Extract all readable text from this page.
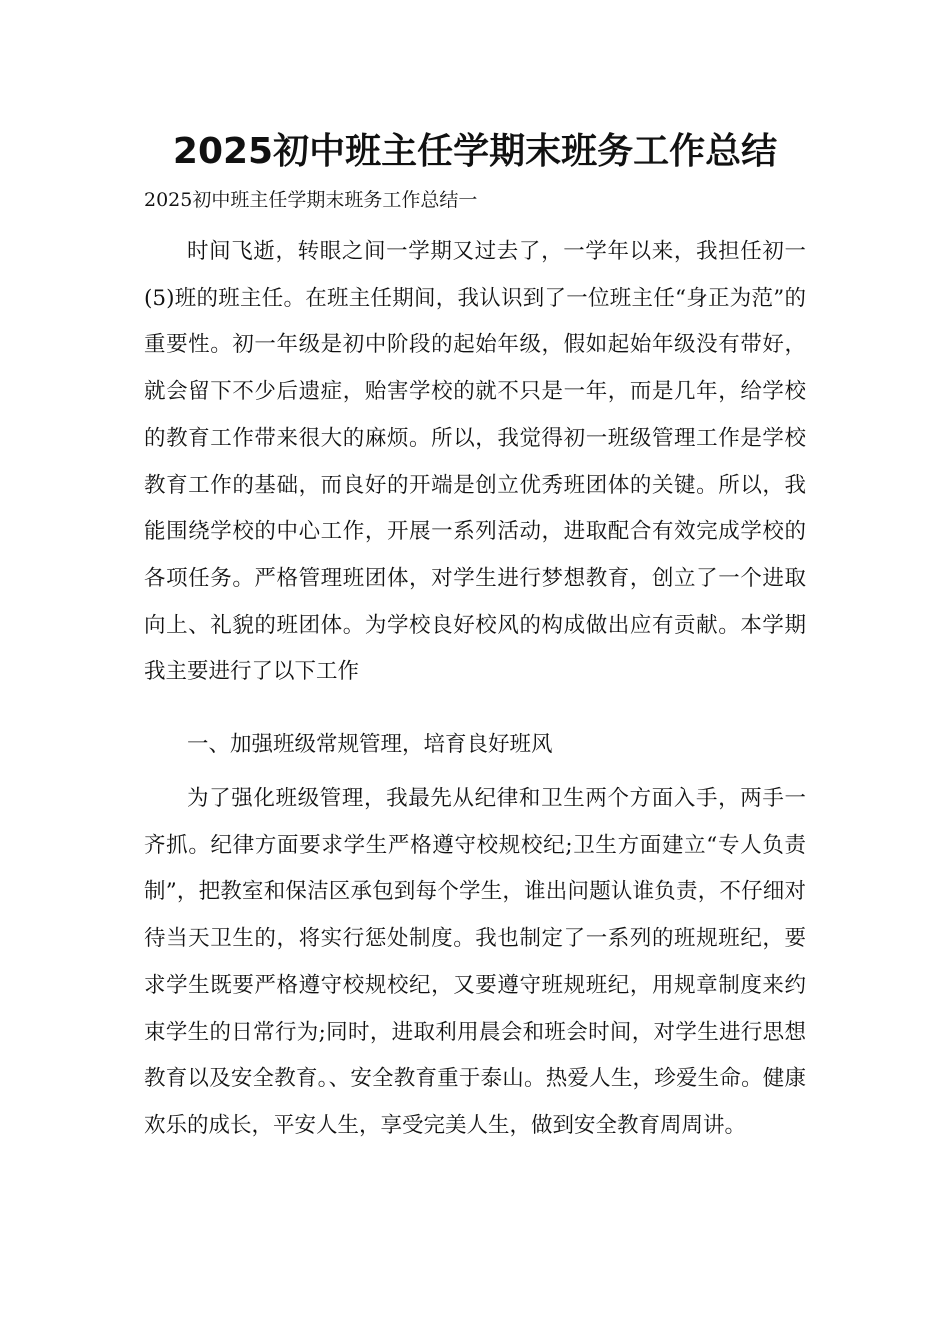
2025初中班主任学期末班务工作总结

2025初中班主任学期末班务工作总结一

时间飞逝，转眼之间一学期又过去了，一学年以来，我担任初一(5)班的班主任。在班主任期间，我认识到了一位班主任“身正为范”的重要性。初一年级是初中阶段的起始年级，假如起始年级没有带好，就会留下不少后遗症，贻害学校的就不只是一年，而是几年，给学校的教育工作带来很大的麻烦。所以，我觉得初一班级管理工作是学校教育工作的基础，而良好的开端是创立优秀班团体的关键。所以，我能围绕学校的中心工作，开展一系列活动，进取配合有效完成学校的各项任务。严格管理班团体，对学生进行梦想教育，创立了一个进取向上、礼貌的班团体。为学校良好校风的构成做出应有贡献。本学期我主要进行了以下工作

一、加强班级常规管理，培育良好班风

为了强化班级管理，我最先从纪律和卫生两个方面入手，两手一齐抓。纪律方面要求学生严格遵守校规校纪;卫生方面建立“专人负责制”，把教室和保洁区承包到每个学生，谁出问题认谁负责，不仔细对待当天卫生的，将实行惩处制度。我也制定了一系列的班规班纪，要求学生既要严格遵守校规校纪，又要遵守班规班纪，用规章制度来约束学生的日常行为;同时，进取利用晨会和班会时间，对学生进行思想教育以及安全教育。、安全教育重于泰山。热爱人生，珍爱生命。健康欢乐的成长，平安人生，享受完美人生，做到安全教育周周讲。
